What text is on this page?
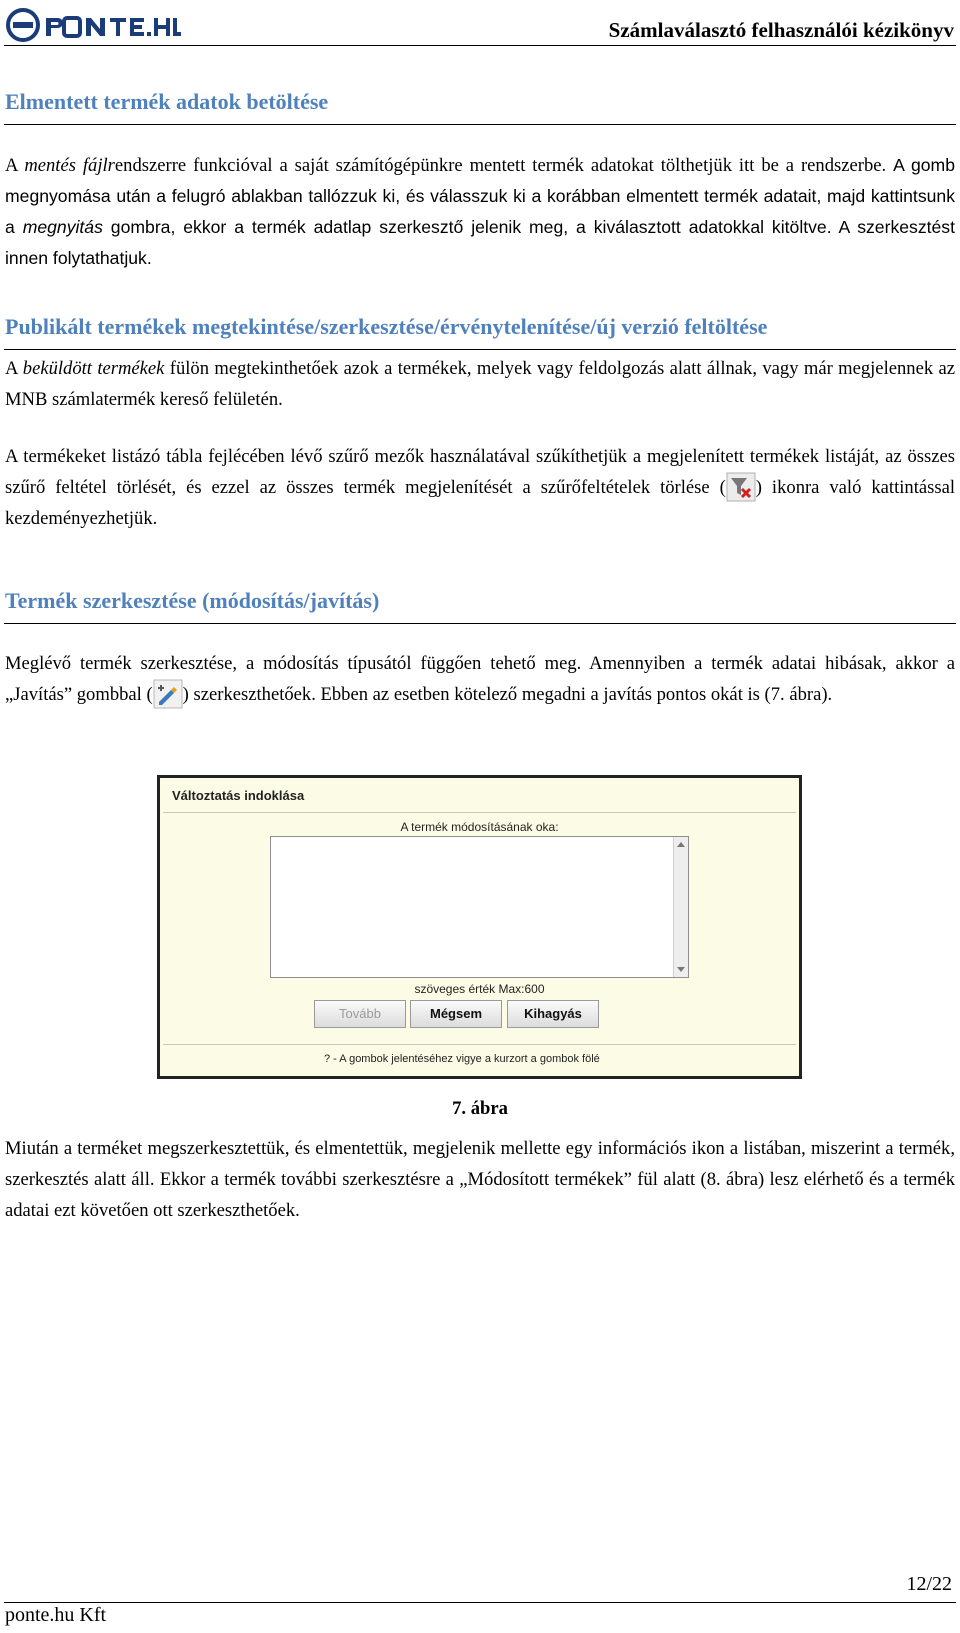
Számlaválasztó felhasználói kézikönyv
Elmentett termék adatok betöltése
A mentés fájlrendszerre funkcióval a saját számítógépünkre mentett termék adatokat tölthetjük itt be a rendszerbe. A gomb megnyomása után a felugró ablakban tallózzuk ki, és válasszuk ki a korábban elmentett termék adatait, majd kattintsunk a megnyitás gombra, ekkor a termék adatlap szerkesztő jelenik meg, a kiválasztott adatokkal kitöltve. A szerkesztést innen folytathatjuk.
Publikált termékek megtekintése/szerkesztése/érvénytelenítése/új verzió feltöltése
A beküldött termékek fülön megtekinthetőek azok a termékek, melyek vagy feldolgozás alatt állnak, vagy már megjelennek az MNB számlatermék kereső felületén.
A termékeket listázó tábla fejlécében lévő szűrő mezők használatával szűkíthetjük a megjelenített termékek listáját, az összes szűrő feltétel törlését, és ezzel az összes termék megjelenítését a szűrőfeltételek törlése ( ) ikonra való kattintással kezdeményezhetjük.
Termék szerkesztése (módosítás/javítás)
Meglévő termék szerkesztése, a módosítás típusától függően tehető meg. Amennyiben a termék adatai hibásak, akkor a „Javítás” gombbal ( ) szerkeszthetőek. Ebben az esetben kötelező megadni a javítás pontos okát is (7. ábra).
Változtatás indoklása
A termék módosításának oka:
szöveges érték Max:600
Tovább	Mégsem	Kihagyás
? - A gombok jelentéséhez vigye a kurzort a gombok fölé
7. ábra
Miután a terméket megszerkesztettük, és elmentettük, megjelenik mellette egy információs ikon a listában, miszerint a termék, szerkesztés alatt áll. Ekkor a termék további szerkesztésre a „Módosított termékek” fül alatt (8. ábra) lesz elérhető és a termék adatai ezt követően ott szerkeszthetőek.
12/22
ponte.hu Kft
